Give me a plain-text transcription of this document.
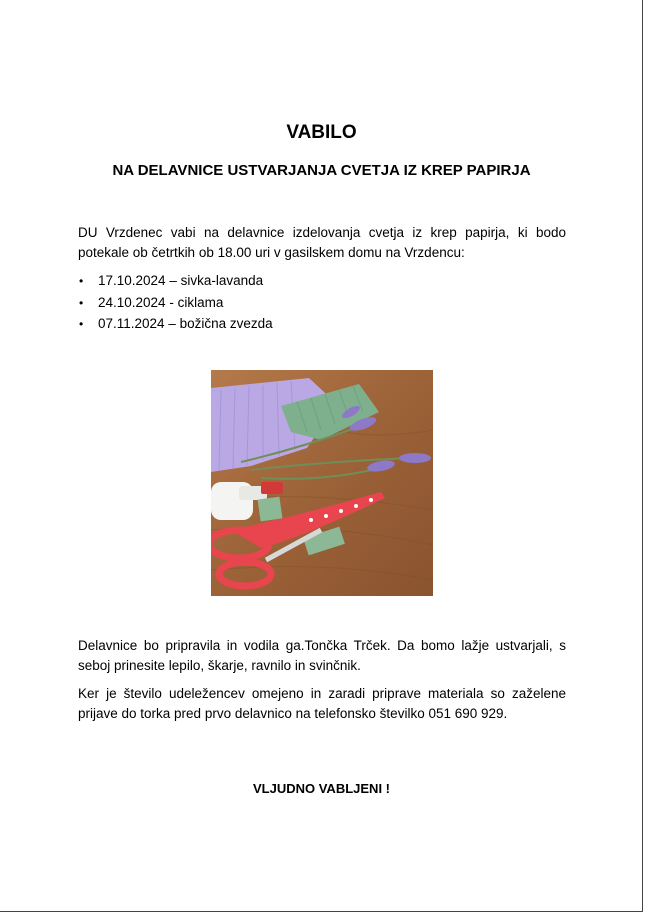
VABILO
NA DELAVNICE USTVARJANJA CVETJA IZ KREP PAPIRJA

DU Vrzdenec vabi na delavnice izdelovanja cvetja iz krep papirja, ki bodo potekale ob četrtkih ob 18.00 uri v gasilskem domu na Vrzdencu:

• 17.10.2024 – sivka-lavanda
• 24.10.2024 - ciklama
• 07.11.2024 – božična zvezda

Delavnice bo pripravila in vodila ga.Tončka Trček. Da bomo lažje ustvarjali, s seboj prinesite lepilo, škarje, ravnilo in svinčnik.

Ker je število udeležencev omejeno in zaradi priprave materiala so zaželene prijave do torka pred prvo delavnico na telefonsko številko 051 690 929.

VLJUDNO VABLJENI !
